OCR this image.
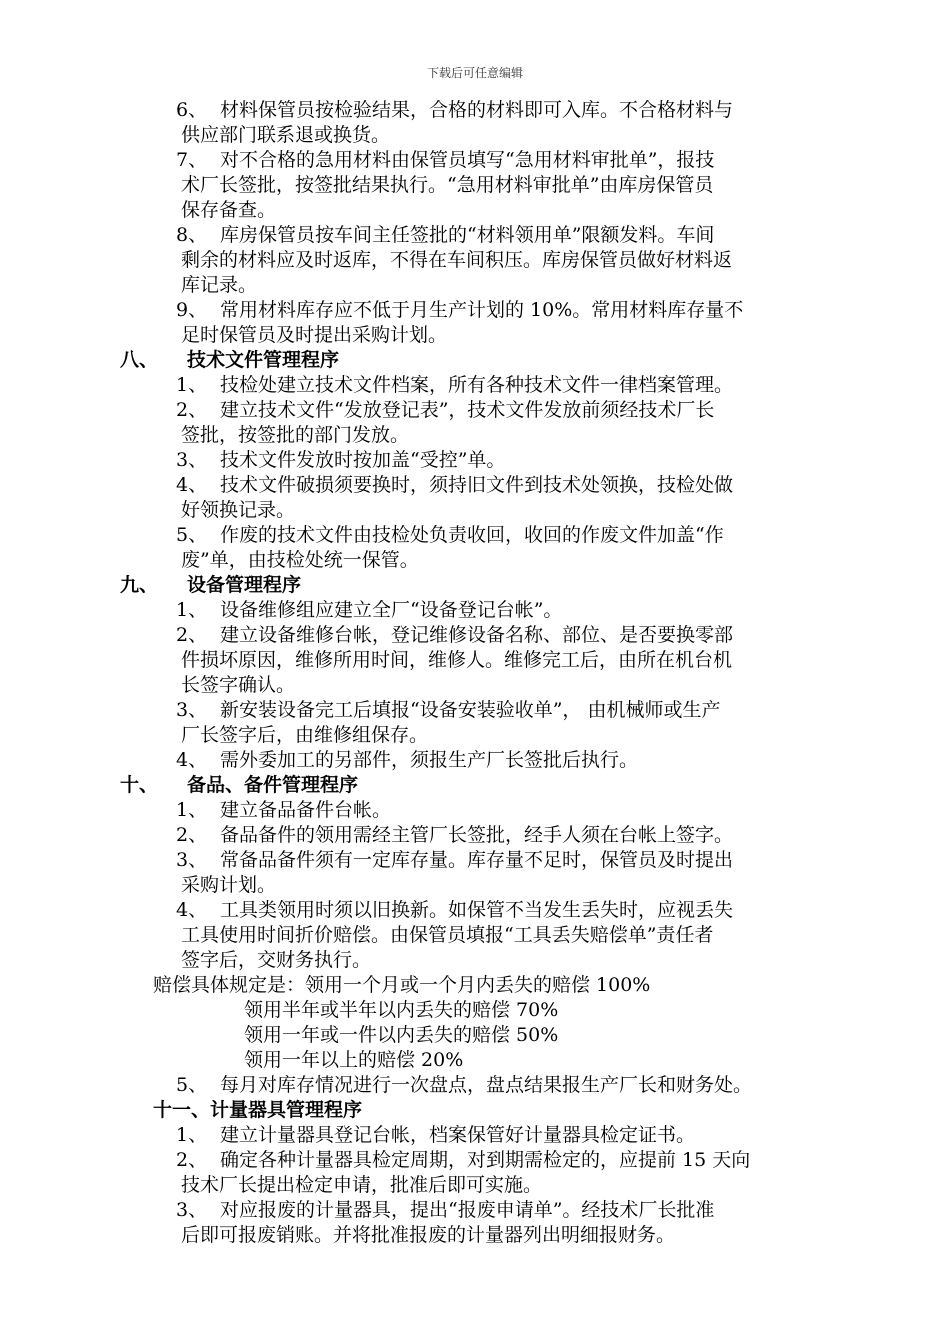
下载后可任意编辑
6、 材料保管员按检验结果，合格的材料即可入库。不合格材料与
供应部门联系退或换货。
7、 对不合格的急用材料由保管员填写“急用材料审批单”，报技
术厂长签批，按签批结果执行。“急用材料审批单”由库房保管员
保存备查。
8、 库房保管员按车间主任签批的“材料领用单”限额发料。车间
剩余的材料应及时返库，不得在车间积压。库房保管员做好材料返
库记录。
9、 常用材料库存应不低于月生产计划的 10%。常用材料库存量不
足时保管员及时提出采购计划。
八、	技术文件管理程序
1、 技检处建立技术文件档案，所有各种技术文件一律档案管理。
2、 建立技术文件“发放登记表”，技术文件发放前须经技术厂长
签批，按签批的部门发放。
3、 技术文件发放时按加盖“受控”单。
4、 技术文件破损须要换时，须持旧文件到技术处领换，技检处做
好领换记录。
5、 作废的技术文件由技检处负责收回，收回的作废文件加盖“作
废”单，由技检处统一保管。
九、	设备管理程序
1、 设备维修组应建立全厂“设备登记台帐”。
2、 建立设备维修台帐，登记维修设备名称、部位、是否要换零部
件损坏原因，维修所用时间，维修人。维修完工后，由所在机台机
长签字确认。
3、 新安装设备完工后填报“设备安装验收单”， 由机械师或生产
厂长签字后，由维修组保存。
4、 需外委加工的另部件，须报生产厂长签批后执行。
十、	备品、备件管理程序
1、 建立备品备件台帐。
2、 备品备件的领用需经主管厂长签批，经手人须在台帐上签字。
3、 常备品备件须有一定库存量。库存量不足时，保管员及时提出
采购计划。
4、 工具类领用时须以旧换新。如保管不当发生丢失时，应视丢失
工具使用时间折价赔偿。由保管员填报“工具丢失赔偿单”责任者
签字后，交财务执行。
赔偿具体规定是：领用一个月或一个月内丢失的赔偿 100%
领用半年或半年以内丢失的赔偿 70%
领用一年或一件以内丢失的赔偿 50%
领用一年以上的赔偿 20%
5、 每月对库存情况进行一次盘点，盘点结果报生产厂长和财务处。
十一、计量器具管理程序
1、 建立计量器具登记台帐，档案保管好计量器具检定证书。
2、 确定各种计量器具检定周期，对到期需检定的，应提前 15 天向
技术厂长提出检定申请，批准后即可实施。
3、 对应报废的计量器具，提出“报废申请单”。经技术厂长批准
后即可报废销账。并将批准报废的计量器列出明细报财务。
